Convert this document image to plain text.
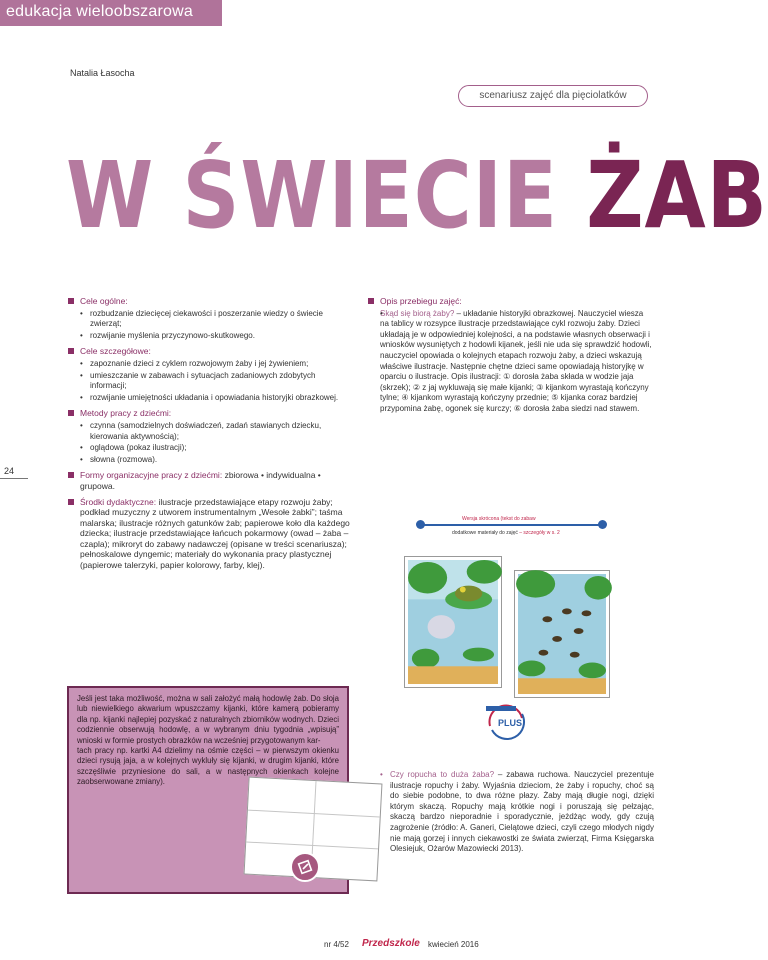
edukacja wieloobszarowa
Natalia Łasocha
scenariusz zajęć dla pięciolatków
W ŚWIECIE ŻAB
24
Cele ogólne:
• rozbudzanie dziecięcej ciekawości i poszerzanie wiedzy o świecie zwierząt;
• rozwijanie myślenia przyczynowo-skutkowego.
Cele szczegółowe:
• zapoznanie dzieci z cyklem rozwojowym żaby i jej żywieniem;
• umieszczanie w zabawach i sytuacjach zadaniowych zdobytych informacji;
• rozwijanie umiejętności układania i opowiadania historyjki obrazkowej.
Metody pracy z dziećmi:
• czynna (samodzielnych doświadczeń, zadań stawianych dziecku, kierowania aktywnością);
• oglądowa (pokaz ilustracji);
• słowna (rozmowa).
Formy organizacyjne pracy z dziećmi: zbiorowa • indywidualna • grupowa.
Środki dydaktyczne: ilustracje przedstawiające etapy rozwoju żaby; podkład muzyczny z utworem instrumentalnym „Wesołe żabki”; taśma malarska; ilustracje różnych gatunków żab; papierowe koło dla każdego dziecka; ilustracje przedstawiające łańcuch pokarmowy (owad – żaba – czapla); mikroryt do zabawy nadawczej (opisane w treści scenariusza); pełnoskalowe dyngemic; materiały do wykonania pracy plastycznej (papierowe talerzyki, papier kolorowy, farby, klej).
Jeśli jest taka możliwość, można w sali założyć małą hodowlę żab. Do słoja lub niewielkiego akwarium wpuszczamy kijanki, które kamerą pobieramy dla np. kijanki najlepiej pozyskać z naturalnych zbiorników wodnych. Dzieci codziennie obserwują hodowlę, a w wybranym dniu tygodnia „wpisują” wnioski w formie prostych obrazków na wcześniej przygotowanym kar-
tach pracy np. kartki A4 dzielimy na ośmie części – w pierwszym okienku dzieci rysują jaja, a w kolejnych wykluły się kijanki, w drugim kijanki, które szczęśliwie przyniesione do sali, a w następnych okienkach kolejne zaobserwowane zmiany).
Opis przebiegu zajęć:
• Skąd się biorą żaby? – układanie historyjki obrazkowej. Nauczyciel wiesza na tablicy w rozsypce ilustracje przedstawiające cykl rozwoju żaby. Dzieci układają je w odpowiedniej kolejności, a na podstawie własnych obserwacji i wniosków wysuniętych z hodowli kijanek, jeśli nie uda się sprawdzić hodowli, nauczyciel opowiada o kolejnych etapach rozwoju żaby, a dzieci wskazują właściwe ilustracje. Następnie chętne dzieci same opowiadają historyjkę w oparciu o ilustracje. Opis ilustracji: ① dorosła żaba składa w wodzie jaja (skrzek); ② z jaj wykluwają się małe kijanki; ③ kijankom wyrastają kończyny tylne; ④ kijankom wyrastają kończyny przednie; ⑤ kijanka coraz bardziej przypomina żabę, ogonek się kurczy; ⑥ dorosła żaba siedzi nad stawem.
Wersja skrócona (tekst do zabaw
dodatkowe materiały do zajęć – szczegóły w s. 2
PLUS
• Czy ropucha to duża żaba? – zabawa ruchowa. Nauczyciel prezentuje ilustracje ropuchy i żaby. Wyjaśnia dzieciom, że żaby i ropuchy, choć są do siebie podobne, to dwa różne płazy. Żaby mają długie nogi, dzięki którym skaczą. Ropuchy mają krótkie nogi i poruszają się pełzając, skaczą bardzo nieporadnie i sporadycznie, jeżdżąc wody, gdy czują zagrożenie (źródło: A. Ganeri, Cielątowe dzieci, czyli czego młodych nigdy nie mają gorzej i innych ciekawostki ze świata zwierząt, Firma Księgarska Olesiejuk, Ożarów Mazowiecki 2013).
nr 4/52 Przedszkole kwiecień 2016
